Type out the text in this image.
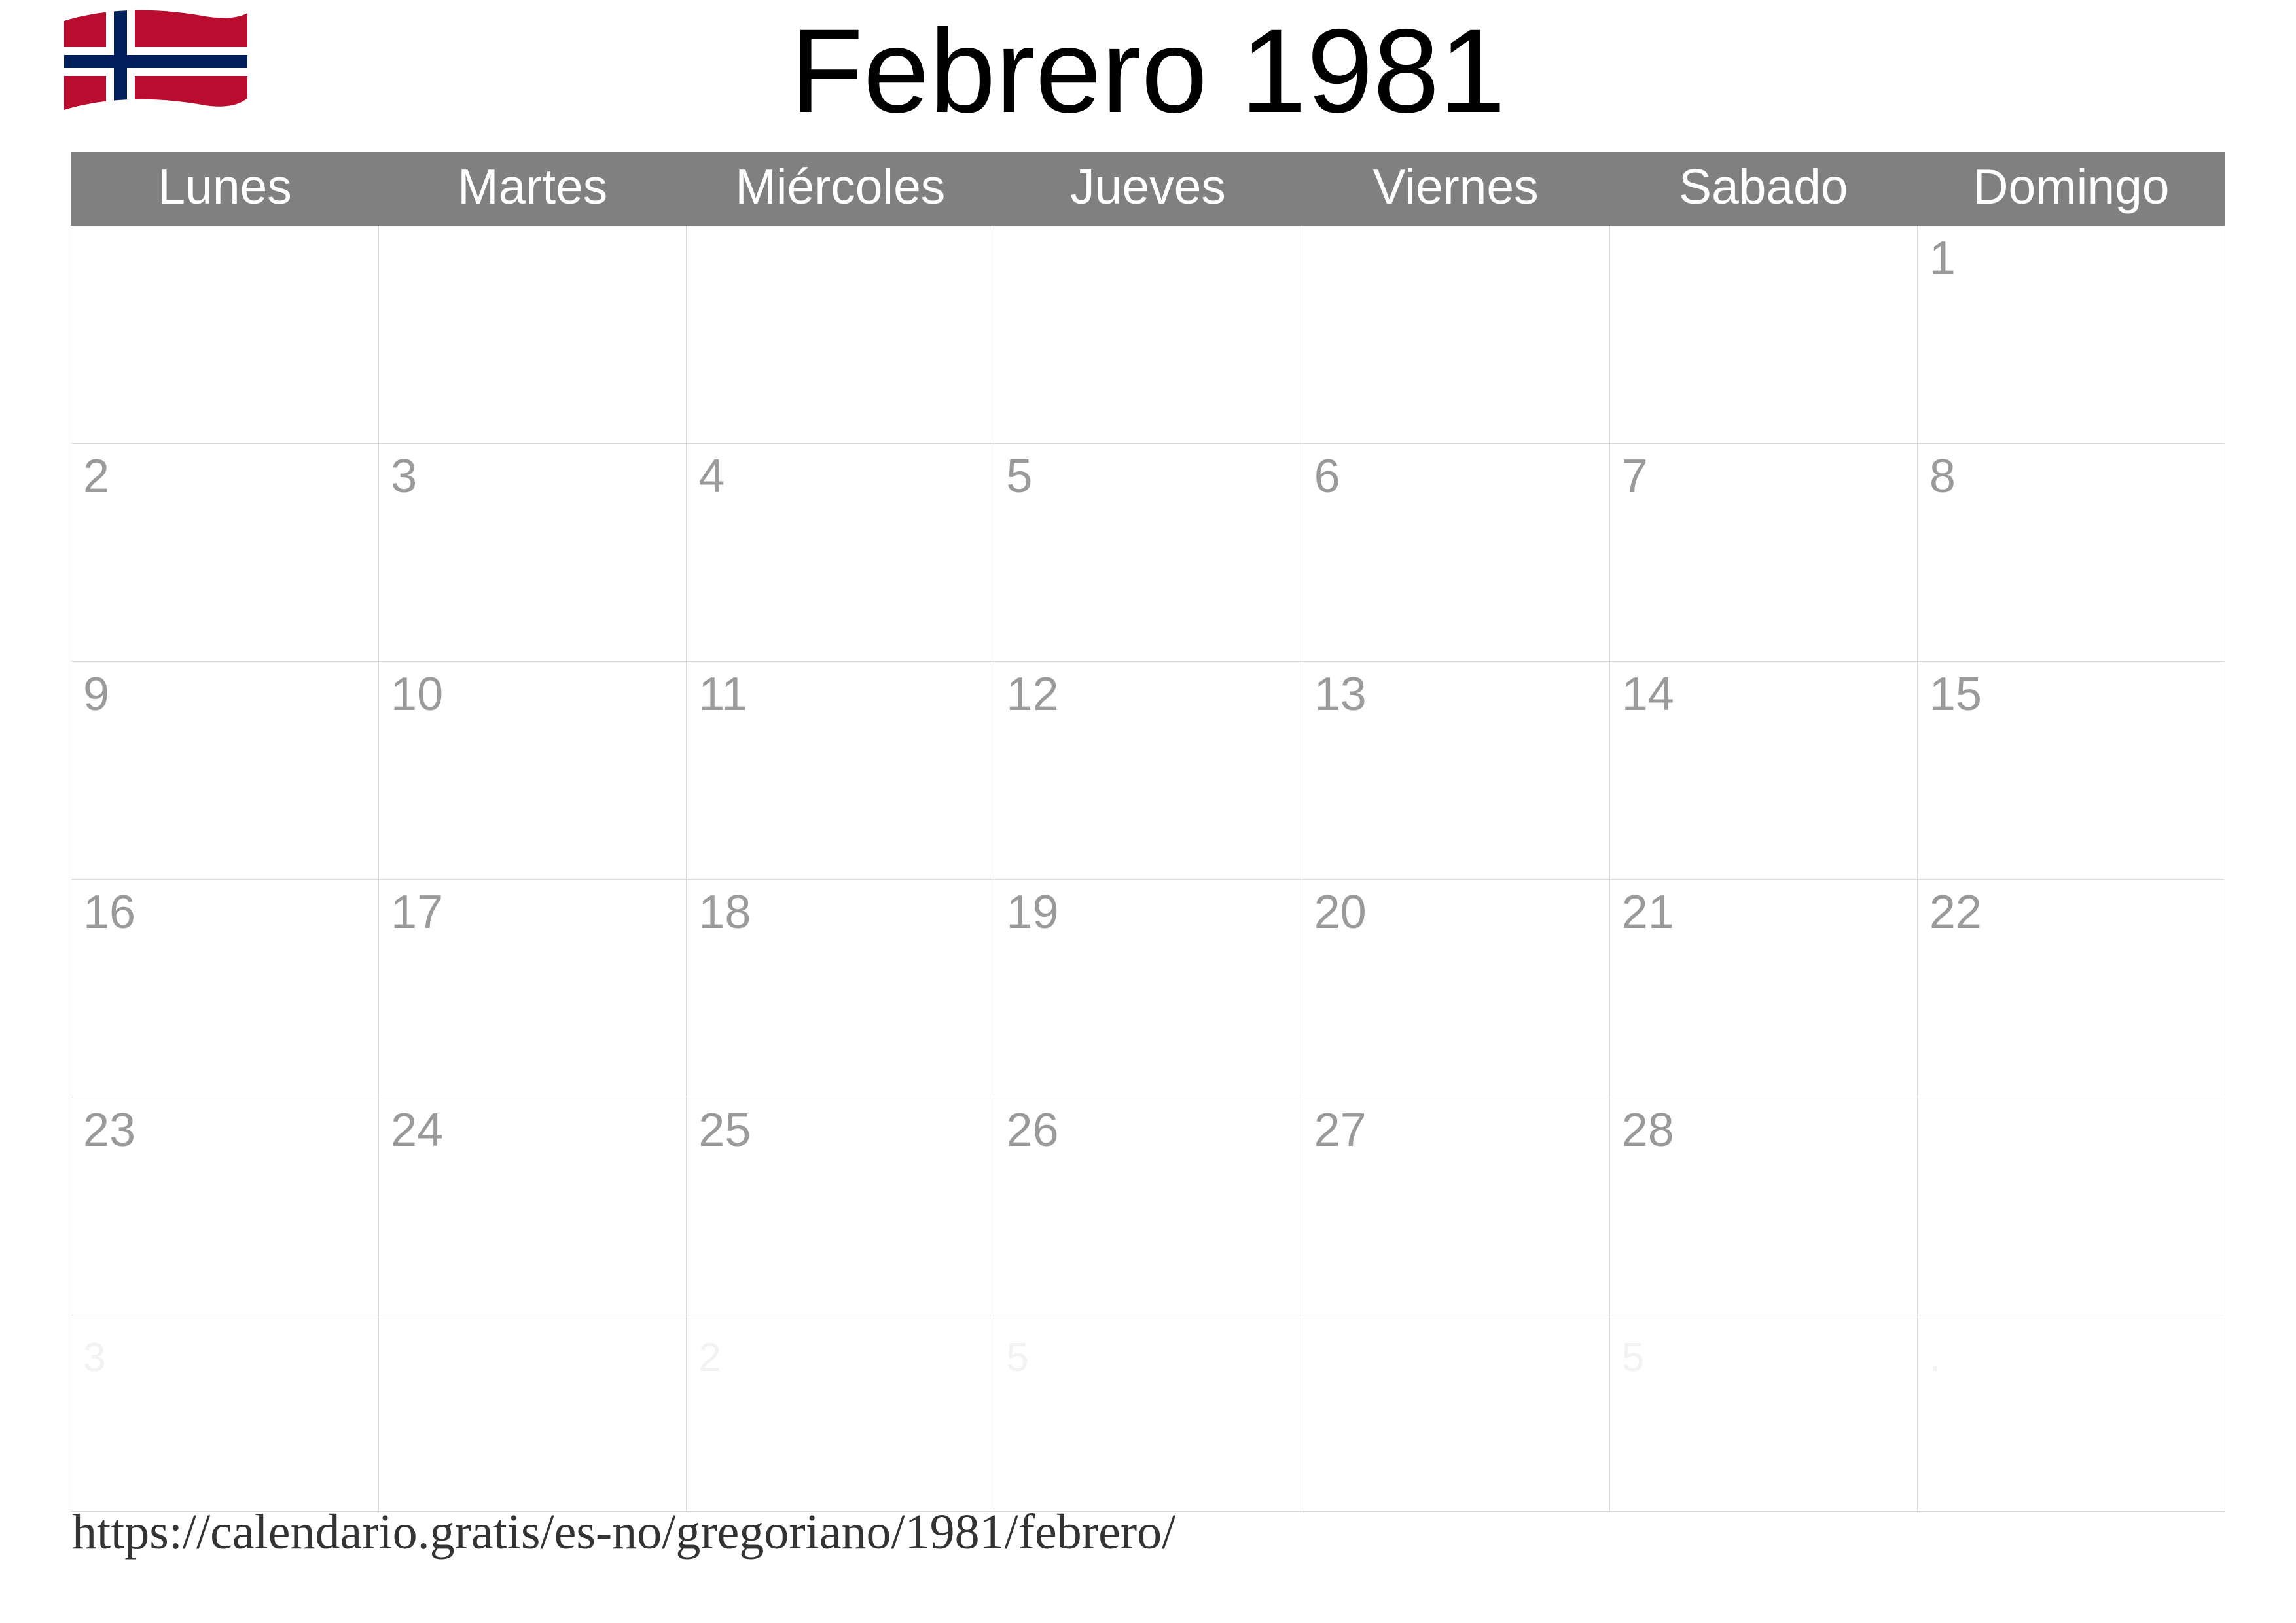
Febrero 1981
Lunes	Martes	Miércoles	Jueves	Viernes	Sabado	Domingo

						1

2	3	4	5	6	7	8

9	10	11	12	13	14	15

16	17	18	19	20	21	22

23	24	25	26	27	28	

3		2	5		5	.
https://calendario.gratis/es-no/gregoriano/1981/febrero/
